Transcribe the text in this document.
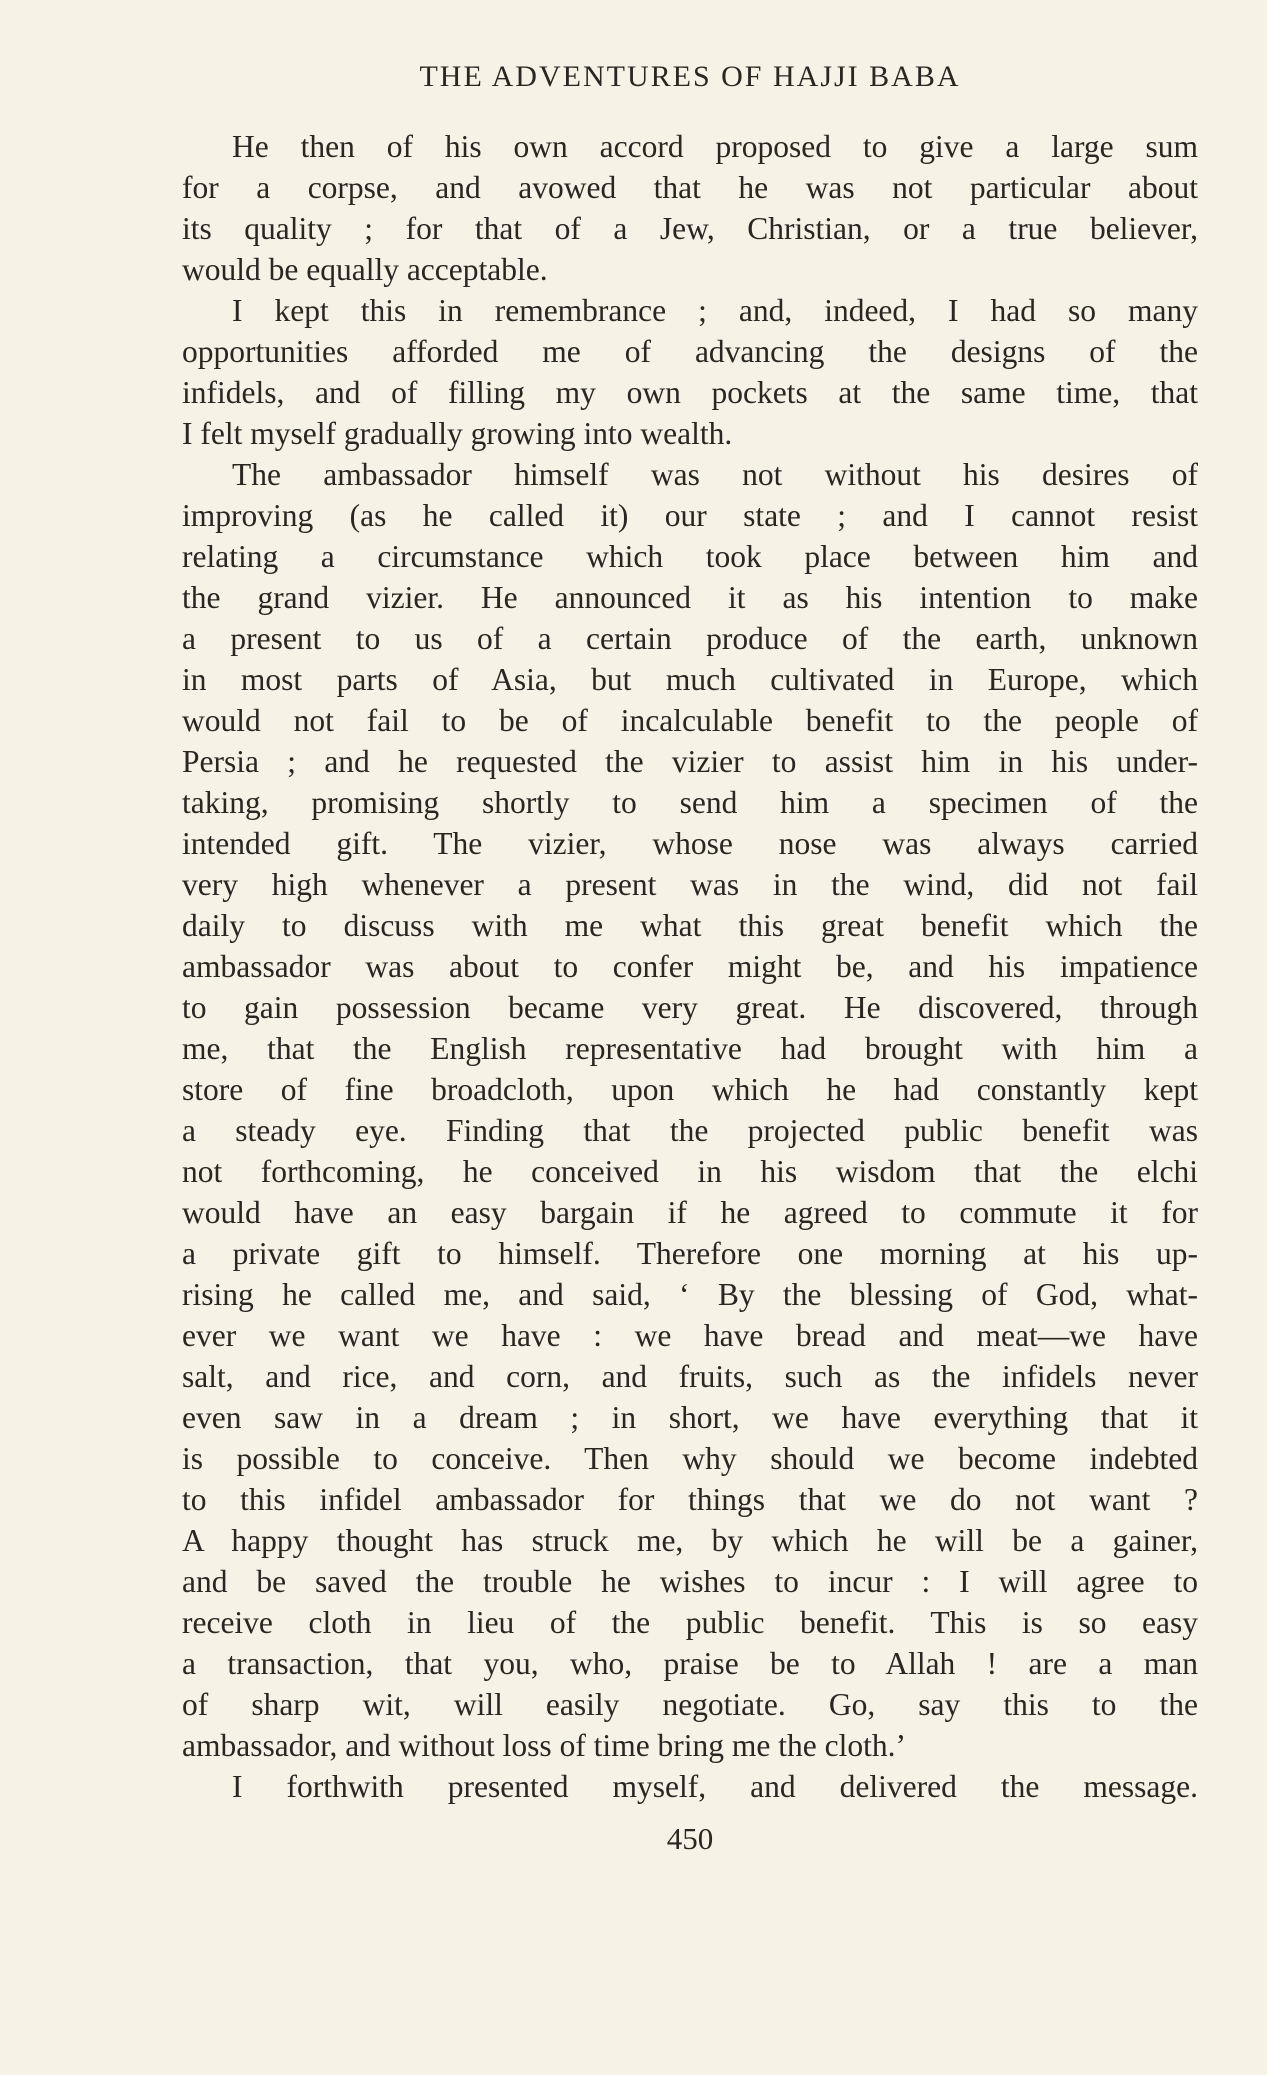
THE ADVENTURES OF HAJJI BABA
He then of his own accord proposed to give a large sum
for a corpse, and avowed that he was not particular about
its quality ; for that of a Jew, Christian, or a true believer,
would be equally acceptable.
I kept this in remembrance ; and, indeed, I had so many
opportunities afforded me of advancing the designs of the
infidels, and of filling my own pockets at the same time, that
I felt myself gradually growing into wealth.
The ambassador himself was not without his desires of
improving (as he called it) our state ; and I cannot resist
relating a circumstance which took place between him and
the grand vizier. He announced it as his intention to make
a present to us of a certain produce of the earth, unknown
in most parts of Asia, but much cultivated in Europe, which
would not fail to be of incalculable benefit to the people of
Persia ; and he requested the vizier to assist him in his under-
taking, promising shortly to send him a specimen of the
intended gift. The vizier, whose nose was always carried
very high whenever a present was in the wind, did not fail
daily to discuss with me what this great benefit which the
ambassador was about to confer might be, and his impatience
to gain possession became very great. He discovered, through
me, that the English representative had brought with him a
store of fine broadcloth, upon which he had constantly kept
a steady eye. Finding that the projected public benefit was
not forthcoming, he conceived in his wisdom that the elchi
would have an easy bargain if he agreed to commute it for
a private gift to himself. Therefore one morning at his up-
rising he called me, and said, ‘ By the blessing of God, what-
ever we want we have : we have bread and meat—we have
salt, and rice, and corn, and fruits, such as the infidels never
even saw in a dream ; in short, we have everything that it
is possible to conceive. Then why should we become indebted
to this infidel ambassador for things that we do not want ?
A happy thought has struck me, by which he will be a gainer,
and be saved the trouble he wishes to incur : I will agree to
receive cloth in lieu of the public benefit. This is so easy
a transaction, that you, who, praise be to Allah ! are a man
of sharp wit, will easily negotiate. Go, say this to the
ambassador, and without loss of time bring me the cloth.’
I forthwith presented myself, and delivered the message.
450
